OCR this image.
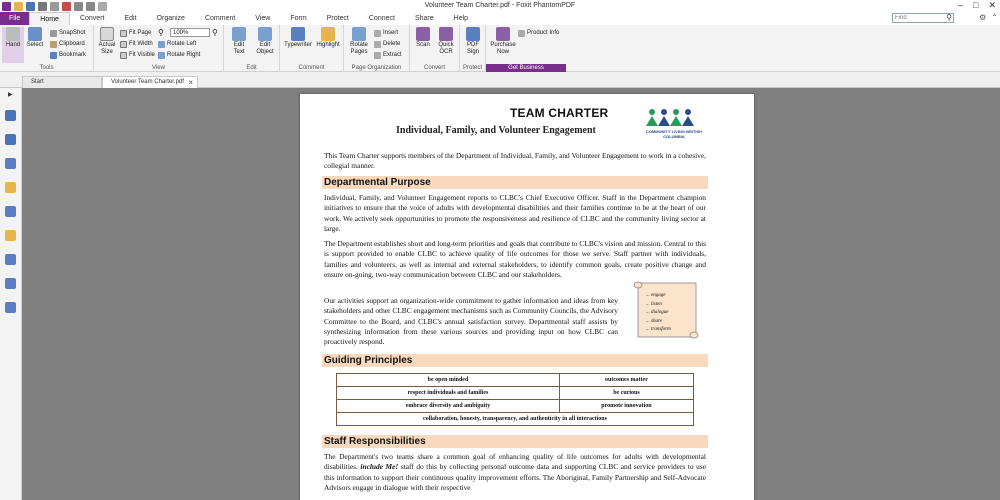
Volunteer Team Charter.pdf - Foxit PhantomPDF	– □ ✕
File	Home	Convert	Edit	Organize	Comment	View	Form	Protect	Connect	Share	Help
Find	⚲	⚙ ⌃
Hand	Select
SnapShot
Clipboard
Bookmark
Tools
Actual Size
Fit Page
Fit Width
Fit Visible
⚲	100%	⚲
Rotate Left
Rotate Right
View
Edit Text
Edit Object
Edit
Typewriter Highlight
Comment
Rotate Pages
Insert
Delete
Extract
Page Organization
Scan	Quick OCR
Convert
PDF Sign
Protect
Purchase Now
Product Info
Get Business
Start	Volunteer Team Charter.pdf ×
▶
TEAM CHARTER
Individual, Family, and Volunteer Engagement	COMMUNITY LIVING BRITISH COLUMBIA
This Team Charter supports members of the Department of Individual, Family, and Volunteer Engagement to work in a cohesive, collegial manner.
Departmental Purpose
Individual, Family, and Volunteer Engagement reports to CLBC's Chief Executive Officer. Staff in the Department champion initiatives to ensure that the voice of adults with developmental disabilities and their families continue to be at the heart of our work. We actively seek opportunities to promote the responsiveness and resilience of CLBC and the community living sector at large.
The Department establishes short and long-term priorities and goals that contribute to CLBC's vision and mission. Central to this is support provided to enable CLBC to achieve quality of life outcomes for those we serve. Staff partner with individuals, families and volunteers, as well as internal and external stakeholders, to identify common goals, create positive change and ensure on-going, two-way communication between CLBC and our stakeholders.
Our activities support an organization-wide commitment to gather information and ideas from key stakeholders and other CLBC engagement mechanisms such as Community Councils, the Advisory Committee to the Board, and CLBC's annual satisfaction survey. Departmental staff assists by synthesizing information from these various sources and providing input on how CLBC can proactively respond.
... engage
... listen
... dialogue
... share
... transform
Guiding Principles
be open minded	outcomes matter
respect individuals and families	be curious
embrace diversity and ambiguity	promote innovation
collaboration, honesty, transparency, and authenticity in all interactions	
Staff Responsibilities
The Department's two teams share a common goal of enhancing quality of life outcomes for adults with developmental disabilities. include Me! staff do this by collecting personal outcome data and supporting CLBC and service providers to use this information to support their continuous quality improvement efforts. The Aboriginal, Family Partnership and Self-Advocate Advisors engage in dialogue with their respective
